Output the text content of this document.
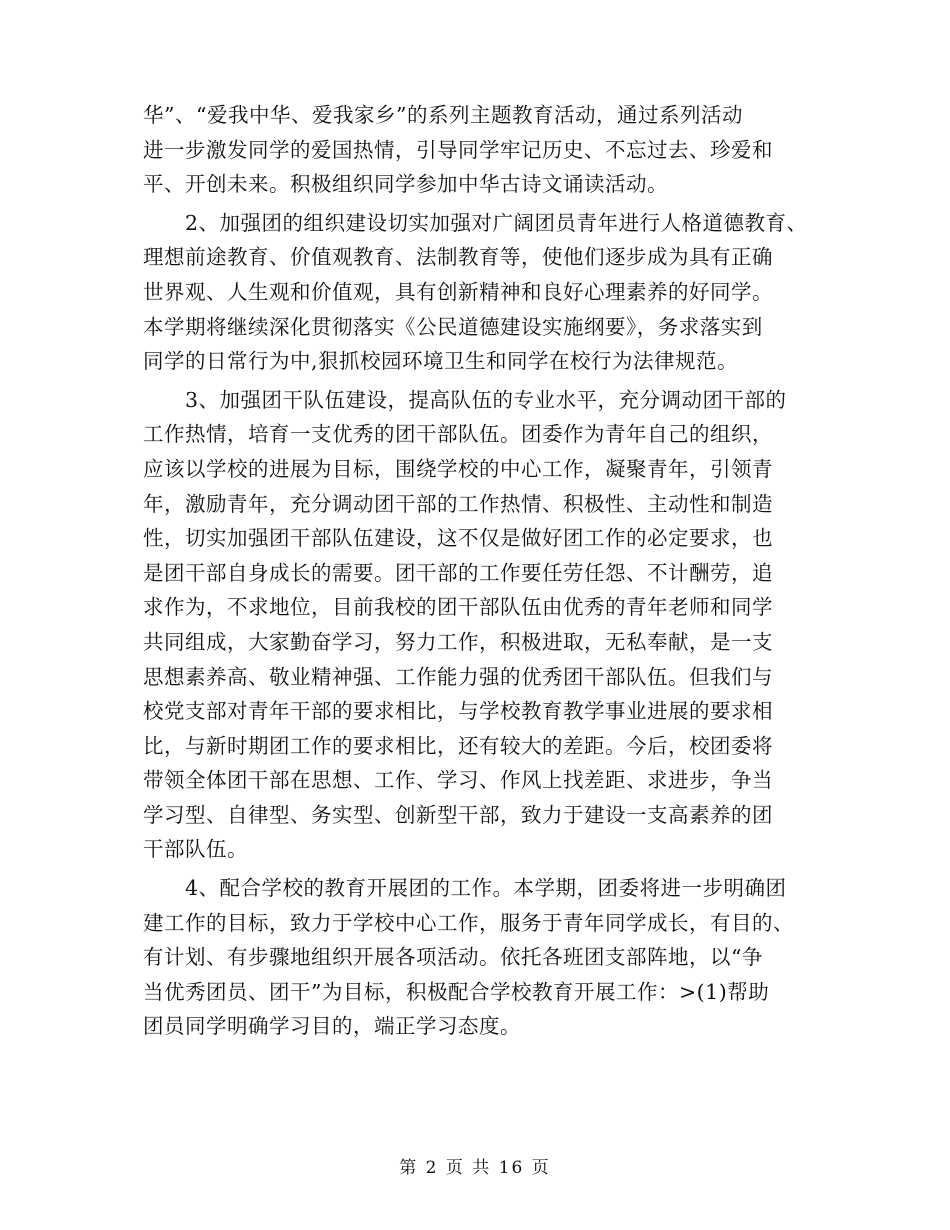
华”、“爱我中华、爱我家乡”的系列主题教育活动，通过系列活动
进一步激发同学的爱国热情，引导同学牢记历史、不忘过去、珍爱和
平、开创未来。积极组织同学参加中华古诗文诵读活动。
　　2、加强团的组织建设切实加强对广阔团员青年进行人格道德教育、
理想前途教育、价值观教育、法制教育等，使他们逐步成为具有正确
世界观、人生观和价值观，具有创新精神和良好心理素养的好同学。
本学期将继续深化贯彻落实《公民道德建设实施纲要》，务求落实到
同学的日常行为中,狠抓校园环境卫生和同学在校行为法律规范。
　　3、加强团干队伍建设，提高队伍的专业水平，充分调动团干部的
工作热情，培育一支优秀的团干部队伍。团委作为青年自己的组织，
应该以学校的进展为目标，围绕学校的中心工作，凝聚青年，引领青
年，激励青年，充分调动团干部的工作热情、积极性、主动性和制造
性，切实加强团干部队伍建设，这不仅是做好团工作的必定要求，也
是团干部自身成长的需要。团干部的工作要任劳任怨、不计酬劳，追
求作为，不求地位，目前我校的团干部队伍由优秀的青年老师和同学
共同组成，大家勤奋学习，努力工作，积极进取，无私奉献，是一支
思想素养高、敬业精神强、工作能力强的优秀团干部队伍。但我们与
校党支部对青年干部的要求相比，与学校教育教学事业进展的要求相
比，与新时期团工作的要求相比，还有较大的差距。今后，校团委将
带领全体团干部在思想、工作、学习、作风上找差距、求进步，争当
学习型、自律型、务实型、创新型干部，致力于建设一支高素养的团
干部队伍。
　　4、配合学校的教育开展团的工作。本学期，团委将进一步明确团
建工作的目标，致力于学校中心工作，服务于青年同学成长，有目的、
有计划、有步骤地组织开展各项活动。依托各班团支部阵地，以“争
当优秀团员、团干”为目标，积极配合学校教育开展工作：>(1)帮助
团员同学明确学习目的，端正学习态度。
第 2 页 共 16 页
